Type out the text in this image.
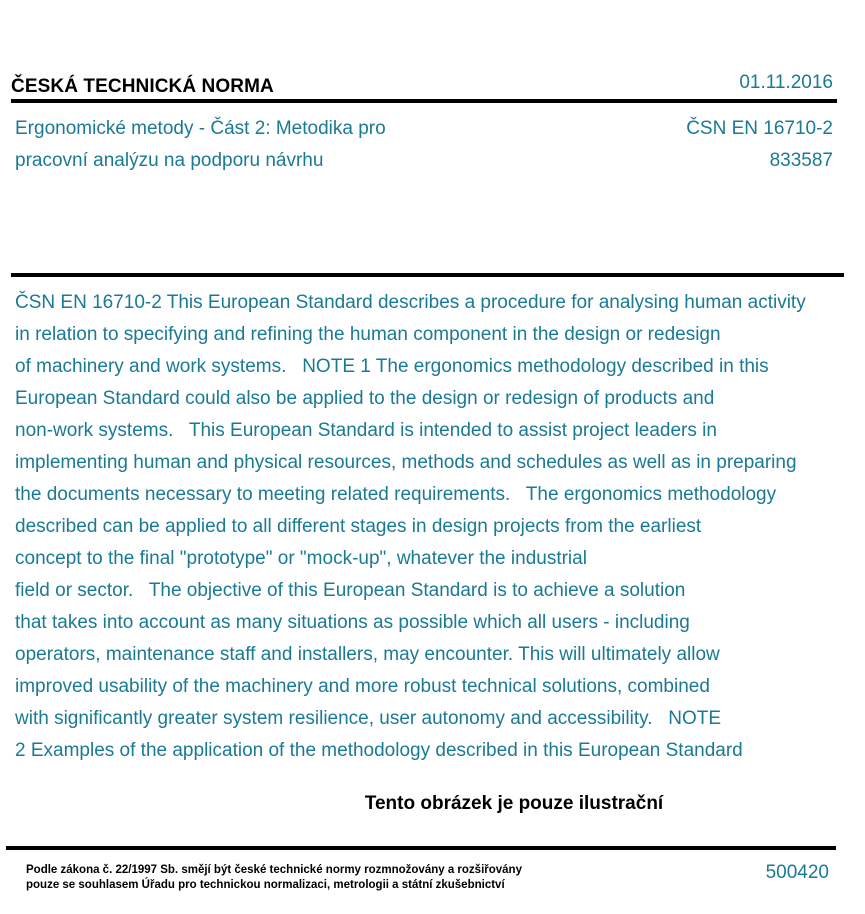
ČESKÁ TECHNICKÁ NORMA	01.11.2016
Ergonomické metody - Část 2: Metodika pro
pracovní analýzu na podporu návrhu
ČSN EN 16710-2
833587
ČSN EN 16710-2 This European Standard describes a procedure for analysing human activity
in relation to specifying and refining the human component in the design or redesign
of machinery and work systems.   NOTE 1 The ergonomics methodology described in this
European Standard could also be applied to the design or redesign of products and
non-work systems.   This European Standard is intended to assist project leaders in
implementing human and physical resources, methods and schedules as well as in preparing
the documents necessary to meeting related requirements.   The ergonomics methodology
described can be applied to all different stages in design projects from the earliest
concept to the final "prototype" or "mock-up", whatever the industrial
field or sector.   The objective of this European Standard is to achieve a solution
that takes into account as many situations as possible which all users - including
operators, maintenance staff and installers, may encounter. This will ultimately allow
improved usability of the machinery and more robust technical solutions, combined
with significantly greater system resilience, user autonomy and accessibility.   NOTE
2 Examples of the application of the methodology described in this European Standard
Tento obrázek je pouze ilustrační
Podle zákona č. 22/1997 Sb. smějí být české technické normy rozmnožovány a rozšiřovány
pouze se souhlasem Úřadu pro technickou normalizaci, metrologii a státní zkušebnictví
500420
